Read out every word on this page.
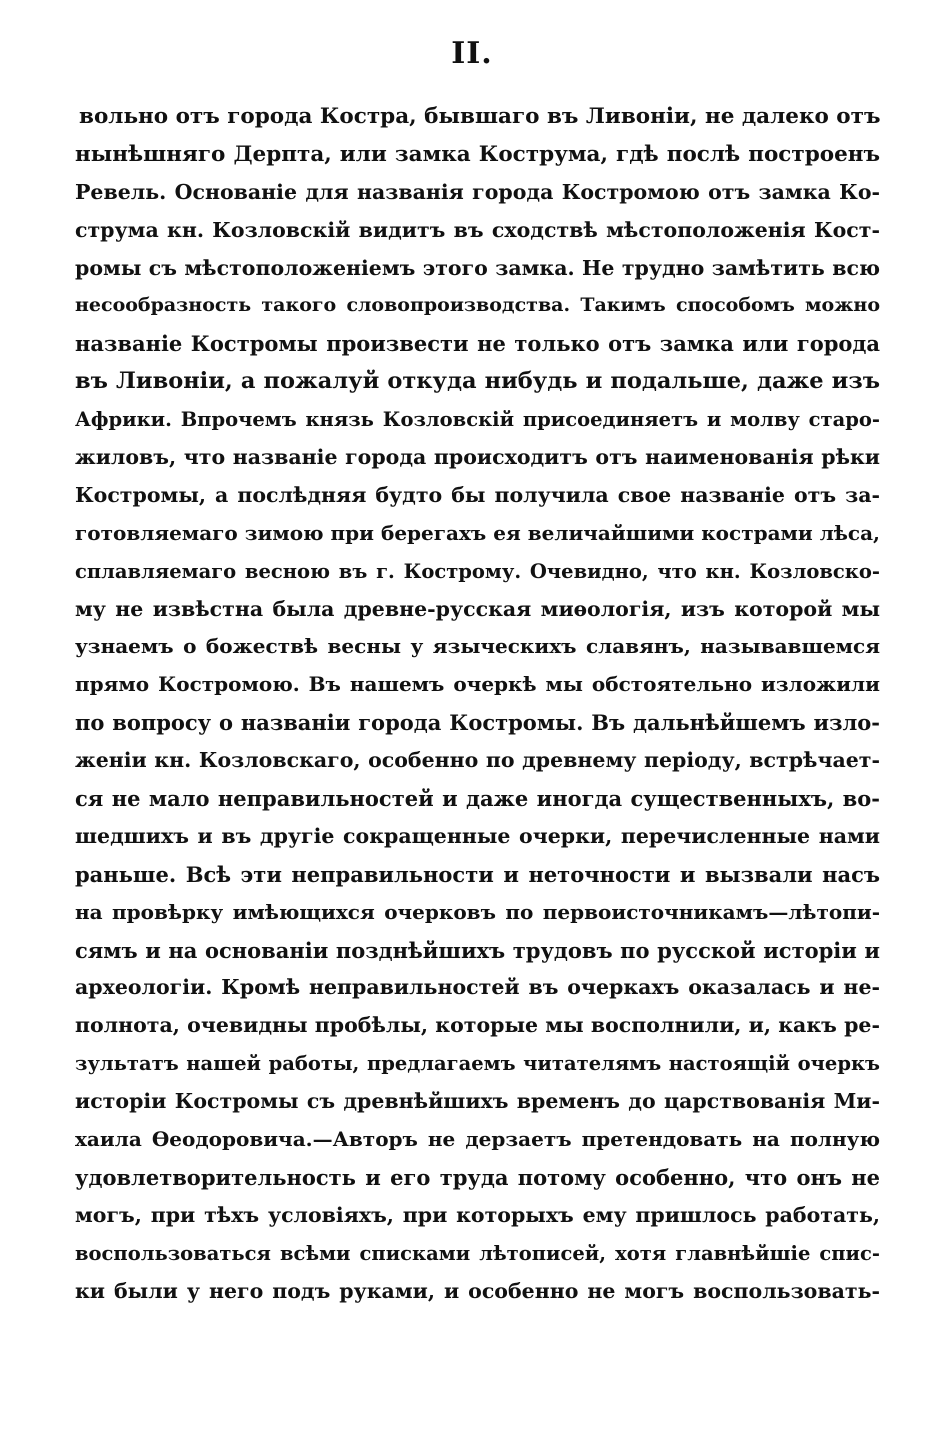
II.
вольно отъ города Костра, бывшаго въ Ливоніи, не далеко отъ
нынѣшняго Дерпта, или замка Кострума, гдѣ послѣ построенъ
Ревель. Основаніе для названія города Костромою отъ замка Ко-
струма кн. Козловскій видитъ въ сходствѣ мѣстоположенія Кост-
ромы съ мѣстоположеніемъ этого замка. Не трудно замѣтить всю
несообразность такого словопроизводства. Такимъ способомъ можно
названіе Костромы произвести не только отъ замка или города
въ Ливоніи, а пожалуй откуда нибудь и подальше, даже изъ
Африки. Впрочемъ князь Козловскій присоединяетъ и молву старо-
жиловъ, что названіе города происходитъ отъ наименованія рѣки
Костромы, а послѣдняя будто бы получила свое названіе отъ за-
готовляемаго зимою при берегахъ ея величайшими кострами лѣса,
сплавляемаго весною въ г. Кострому. Очевидно, что кн. Козловско-
му не извѣстна была древне-русская миѳологія, изъ которой мы
узнаемъ о божествѣ весны у языческихъ славянъ, называвшемся
прямо Костромою. Въ нашемъ очеркѣ мы обстоятельно изложили
по вопросу о названіи города Костромы. Въ дальнѣйшемъ изло-
женіи кн. Козловскаго, особенно по древнему періоду, встрѣчает-
ся не мало неправильностей и даже иногда существенныхъ, во-
шедшихъ и въ другіе сокращенные очерки, перечисленные нами
раньше. Всѣ эти неправильности и неточности и вызвали насъ
на провѣрку имѣющихся очерковъ по первоисточникамъ—лѣтопи-
сямъ и на основаніи позднѣйшихъ трудовъ по русской исторіи и
археологіи. Кромѣ неправильностей въ очеркахъ оказалась и не-
полнота, очевидны пробѣлы, которые мы восполнили, и, какъ ре-
зультатъ нашей работы, предлагаемъ читателямъ настоящій очеркъ
исторіи Костромы съ древнѣйшихъ временъ до царствованія Ми-
хаила Ѳеодоровича.—Авторъ не дерзаетъ претендовать на полную
удовлетворительность и его труда потому особенно, что онъ не
могъ, при тѣхъ условіяхъ, при которыхъ ему пришлось работать,
воспользоваться всѣми списками лѣтописей, хотя главнѣйшіе спис-
ки были у него подъ руками, и особенно не могъ воспользовать-
